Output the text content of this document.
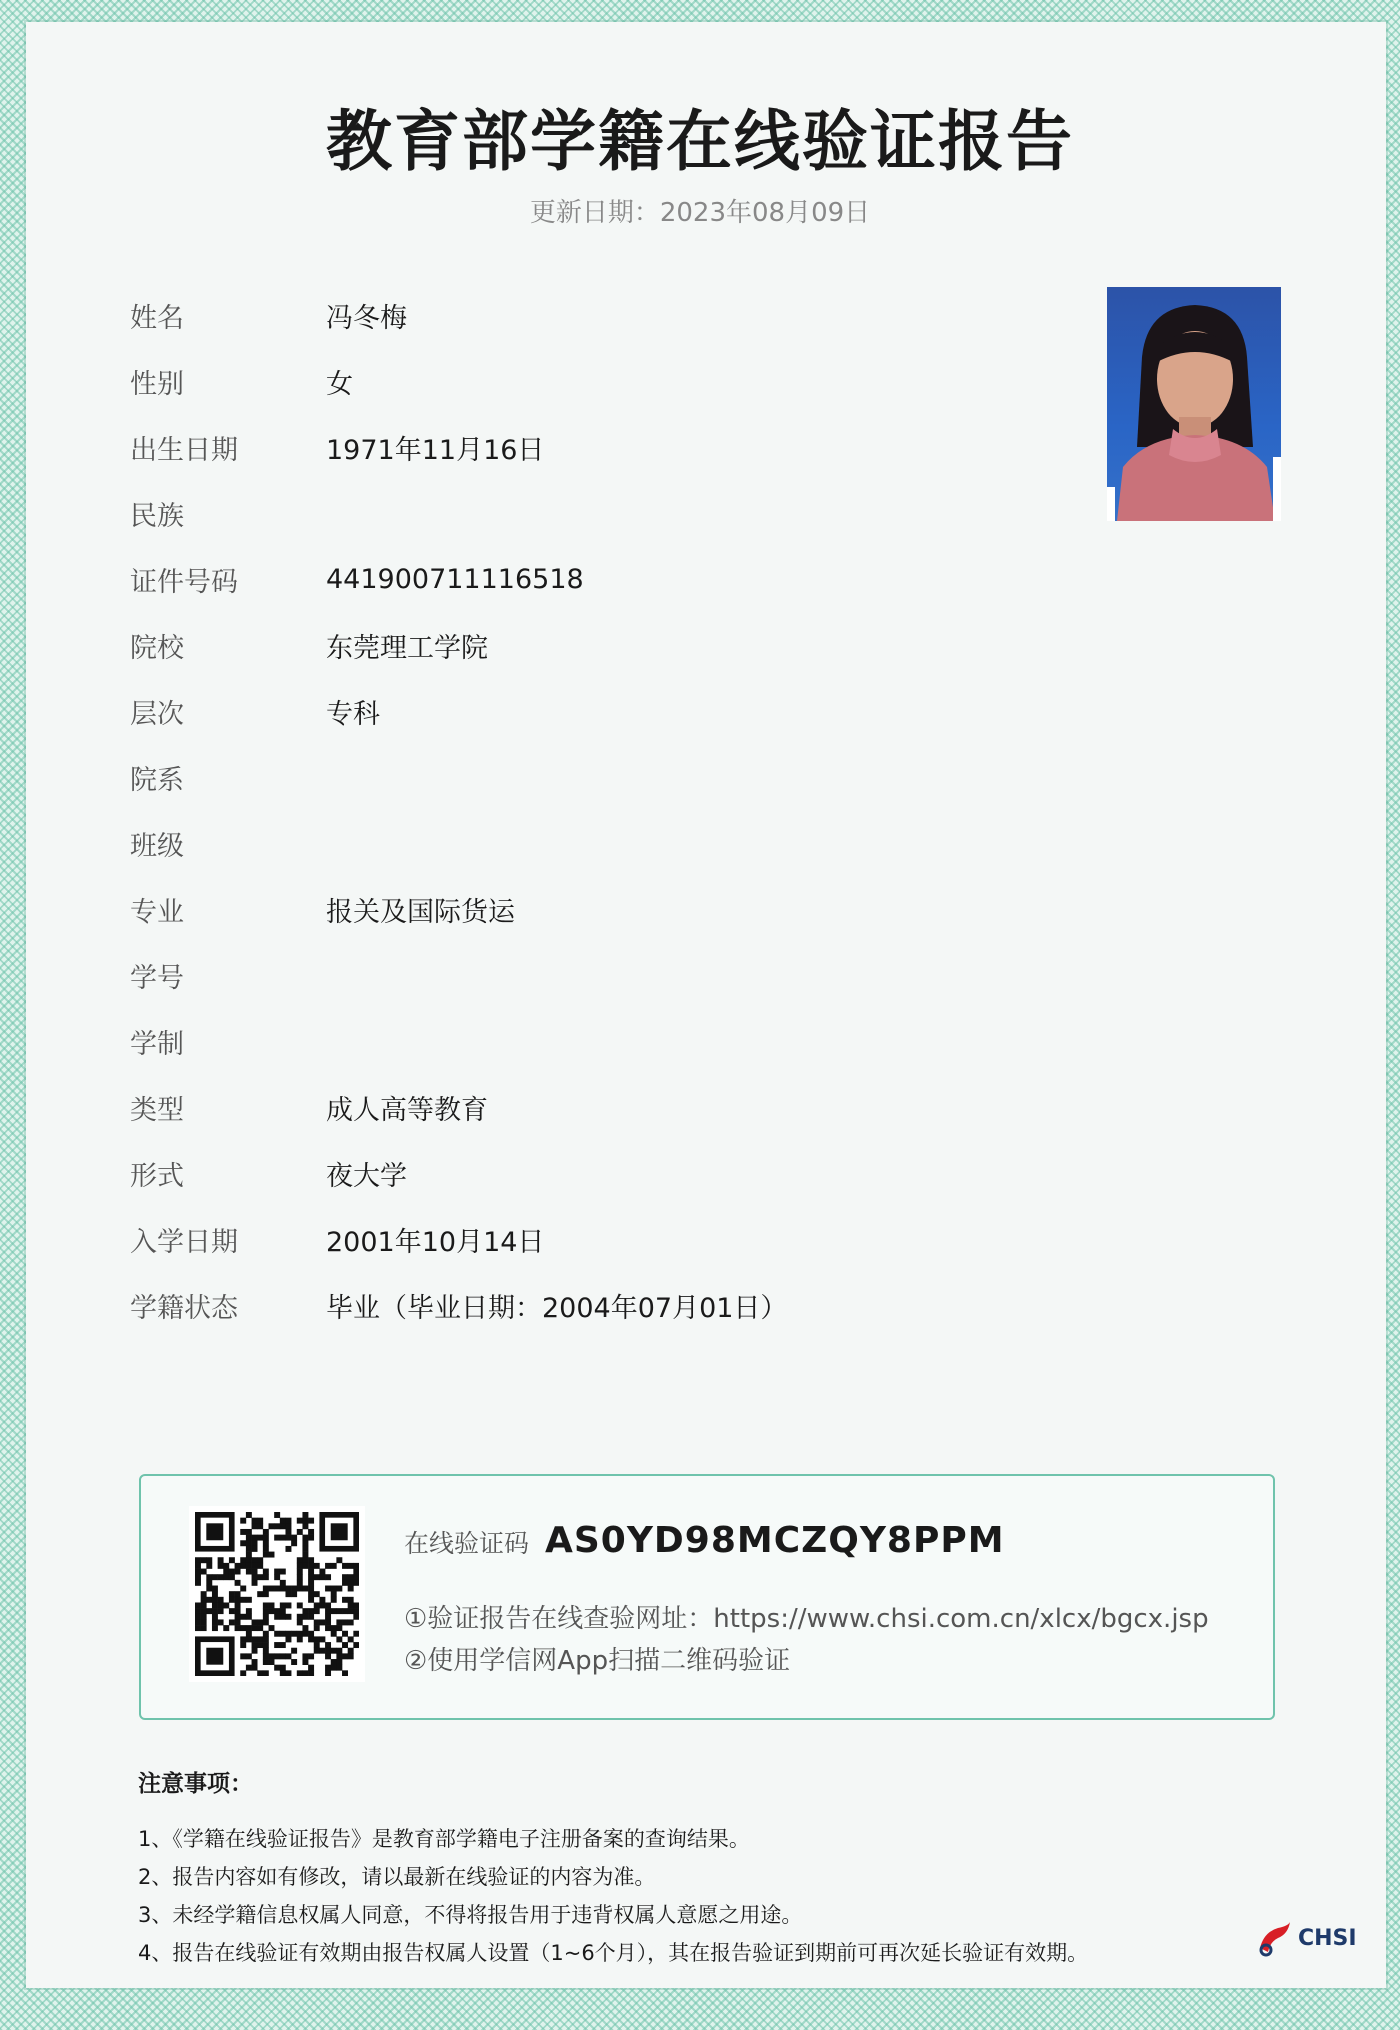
教育部学籍在线验证报告
更新日期：2023年08月09日
姓名	冯冬梅
性别	女
出生日期	1971年11月16日
民族
证件号码	441900711116518
院校	东莞理工学院
层次	专科
院系
班级
专业	报关及国际货运
学号
学制
类型	成人高等教育
形式	夜大学
入学日期	2001年10月14日
学籍状态	毕业（毕业日期：2004年07月01日）
在线验证码 AS0YD98MCZQY8PPM
①验证报告在线查验网址：https://www.chsi.com.cn/xlcx/bgcx.jsp
②使用学信网App扫描二维码验证
注意事项：
1、《学籍在线验证报告》是教育部学籍电子注册备案的查询结果。
2、报告内容如有修改，请以最新在线验证的内容为准。
3、未经学籍信息权属人同意，不得将报告用于违背权属人意愿之用途。
4、报告在线验证有效期由报告权属人设置（1~6个月），其在报告验证到期前可再次延长验证有效期。
CHSI
